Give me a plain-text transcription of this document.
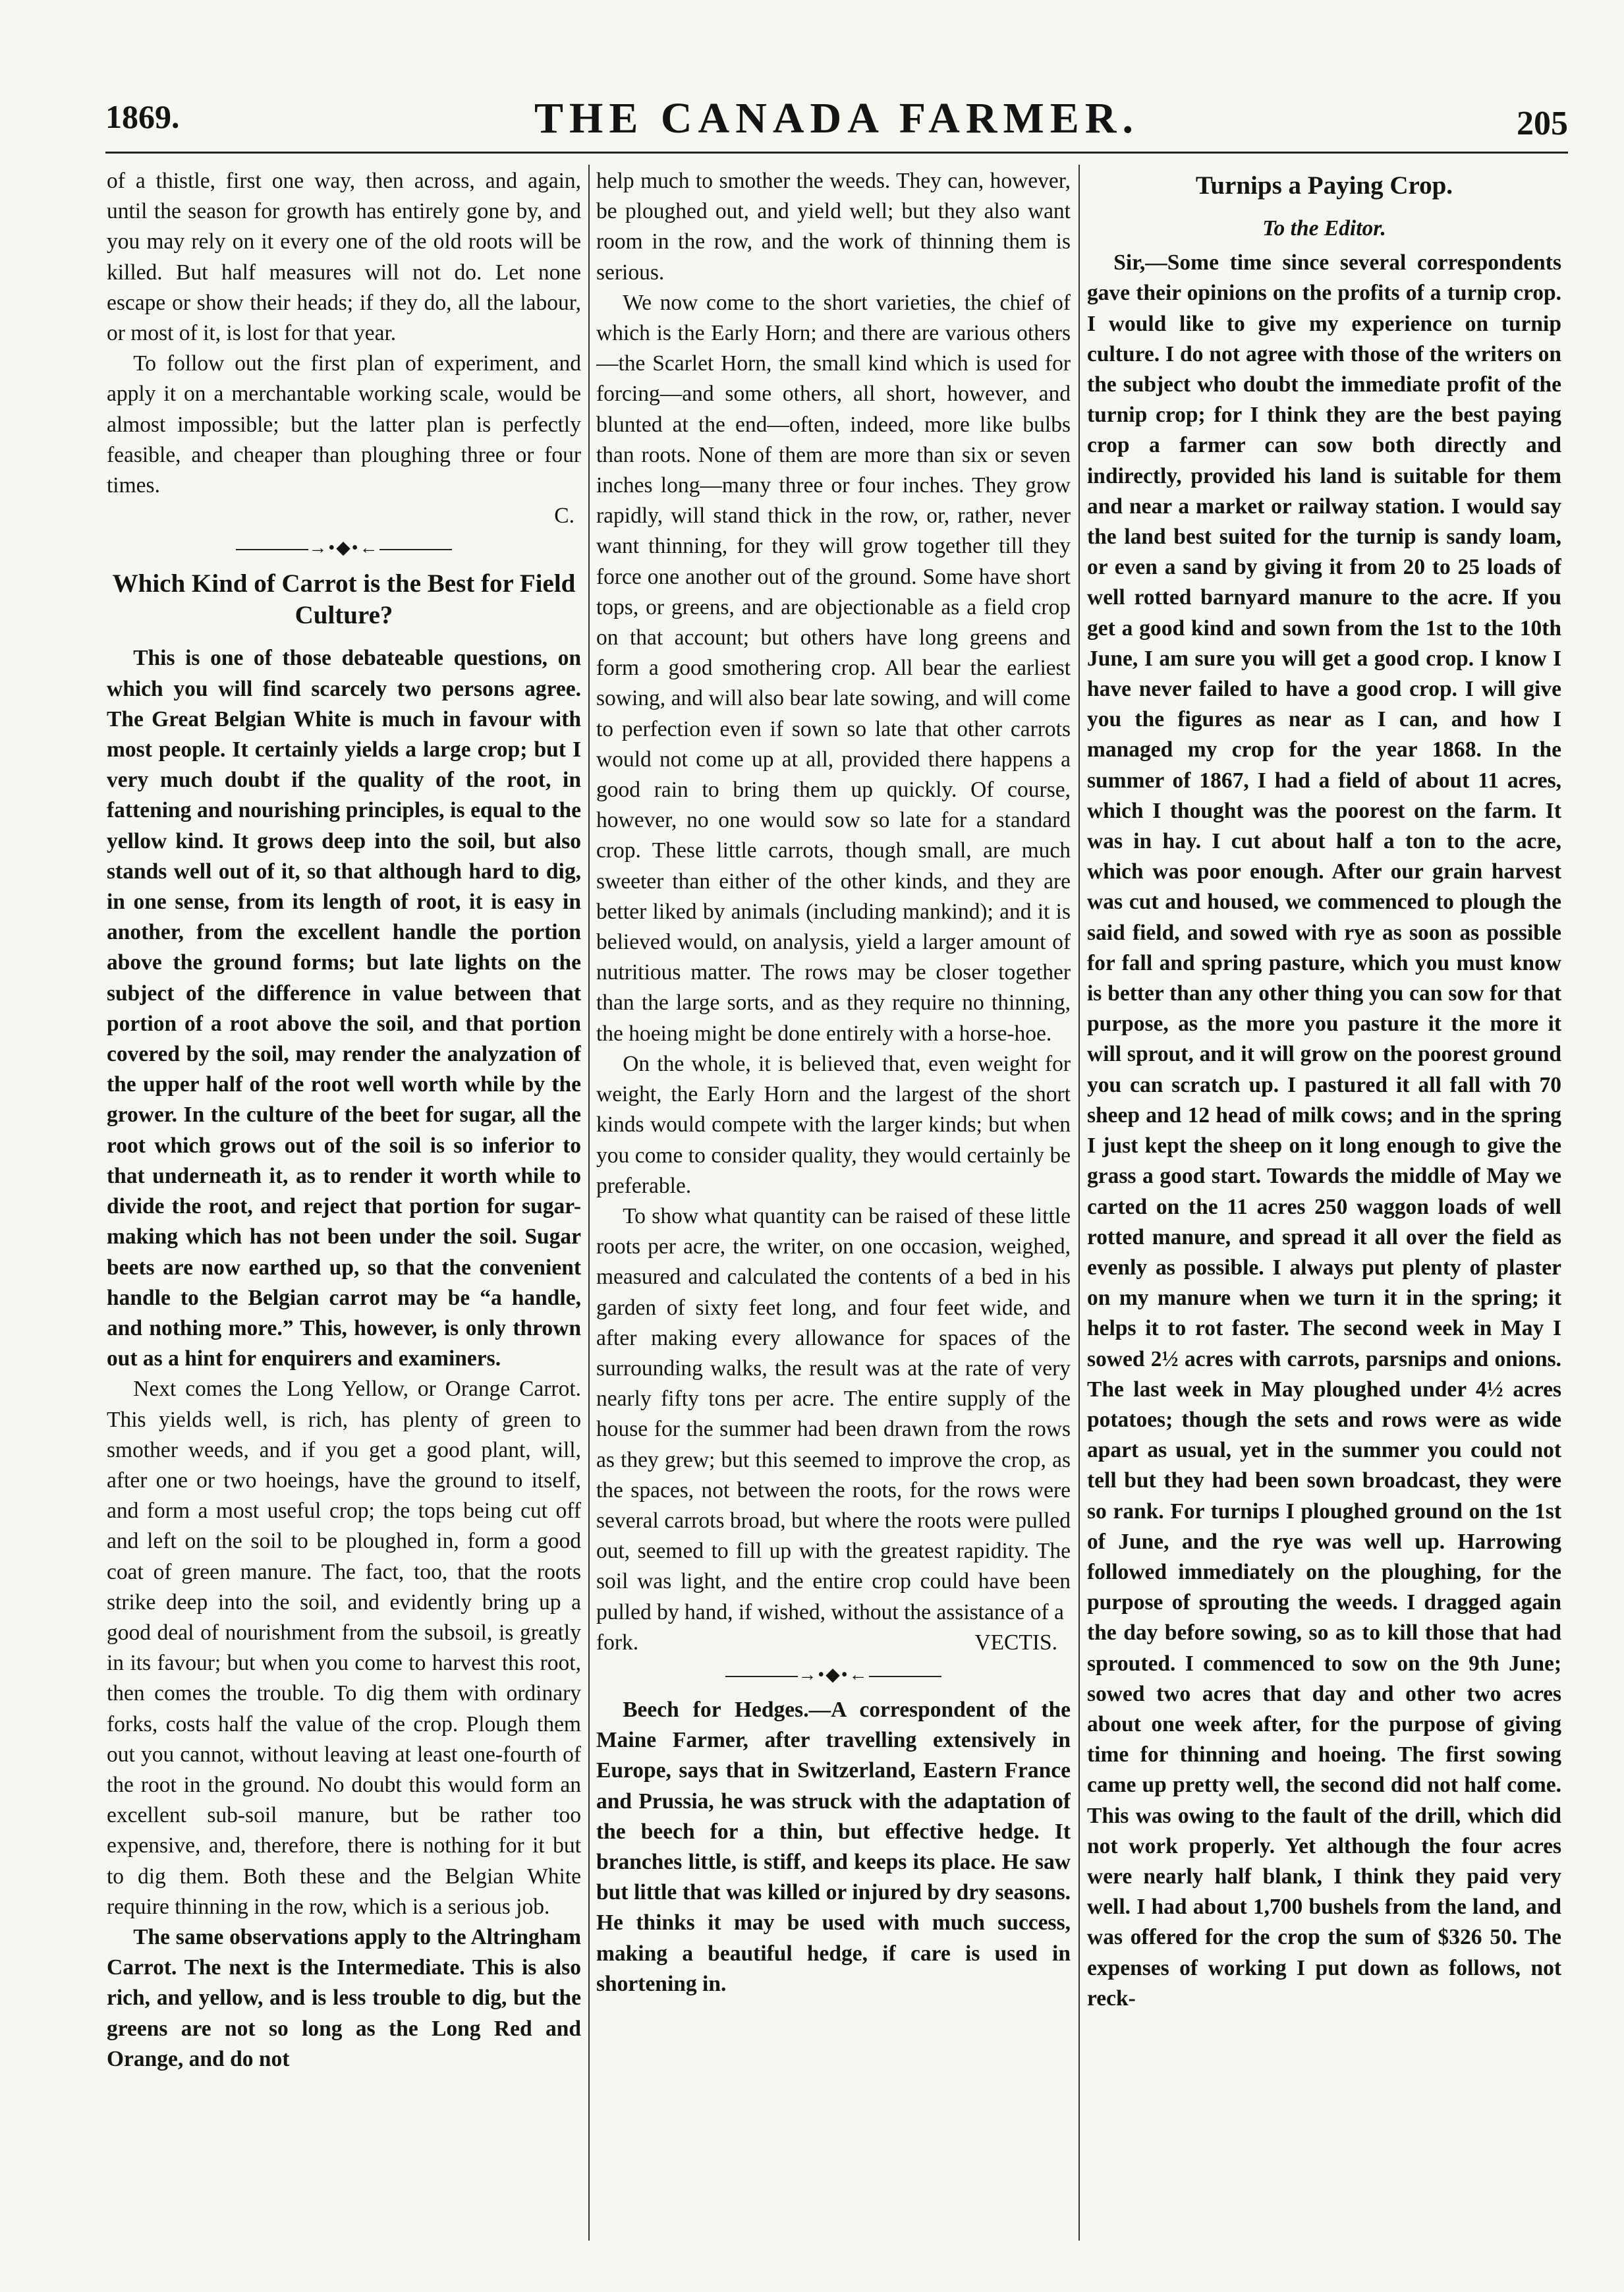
1869.	THE CANADA FARMER.	205

of a thistle, first one way, then across, and again, until the season for growth has entirely gone by, and you may rely on it every one of the old roots will be killed. But half measures will not do. Let none escape or show their heads; if they do, all the labour, or most of it, is lost for that year.

To follow out the first plan of experiment, and apply it on a merchantable working scale, would be almost impossible; but the latter plan is perfectly feasible, and cheaper than ploughing three or four times.

C.
→•◆•←
Which Kind of Carrot is the Best for Field Culture?

This is one of those debateable questions, on which you will find scarcely two persons agree. The Great Belgian White is much in favour with most people. It certainly yields a large crop; but I very much doubt if the quality of the root, in fattening and nourishing principles, is equal to the yellow kind. It grows deep into the soil, but also stands well out of it, so that although hard to dig, in one sense, from its length of root, it is easy in another, from the excellent handle the portion above the ground forms; but late lights on the subject of the difference in value between that portion of a root above the soil, and that portion covered by the soil, may render the analyzation of the upper half of the root well worth while by the grower. In the culture of the beet for sugar, all the root which grows out of the soil is so inferior to that underneath it, as to render it worth while to divide the root, and reject that portion for sugar-making which has not been under the soil. Sugar beets are now earthed up, so that the convenient handle to the Belgian carrot may be “a handle, and nothing more.” This, however, is only thrown out as a hint for enquirers and examiners.

Next comes the Long Yellow, or Orange Carrot. This yields well, is rich, has plenty of green to smother weeds, and if you get a good plant, will, after one or two hoeings, have the ground to itself, and form a most useful crop; the tops being cut off and left on the soil to be ploughed in, form a good coat of green manure. The fact, too, that the roots strike deep into the soil, and evidently bring up a good deal of nourishment from the subsoil, is greatly in its favour; but when you come to harvest this root, then comes the trouble. To dig them with ordinary forks, costs half the value of the crop. Plough them out you cannot, without leaving at least one-fourth of the root in the ground. No doubt this would form an excellent sub-soil manure, but be rather too expensive, and, therefore, there is nothing for it but to dig them. Both these and the Belgian White require thinning in the row, which is a serious job.

The same observations apply to the Altringham Carrot. The next is the Intermediate. This is also rich, and yellow, and is less trouble to dig, but the greens are not so long as the Long Red and Orange, and do not

help much to smother the weeds. They can, however, be ploughed out, and yield well; but they also want room in the row, and the work of thinning them is serious.

We now come to the short varieties, the chief of which is the Early Horn; and there are various others—the Scarlet Horn, the small kind which is used for forcing—and some others, all short, however, and blunted at the end—often, indeed, more like bulbs than roots. None of them are more than six or seven inches long—many three or four inches. They grow rapidly, will stand thick in the row, or, rather, never want thinning, for they will grow together till they force one another out of the ground. Some have short tops, or greens, and are objectionable as a field crop on that account; but others have long greens and form a good smothering crop. All bear the earliest sowing, and will also bear late sowing, and will come to perfection even if sown so late that other carrots would not come up at all, provided there happens a good rain to bring them up quickly. Of course, however, no one would sow so late for a standard crop. These little carrots, though small, are much sweeter than either of the other kinds, and they are better liked by animals (including mankind); and it is believed would, on analysis, yield a larger amount of nutritious matter. The rows may be closer together than the large sorts, and as they require no thinning, the hoeing might be done entirely with a horse-hoe.

On the whole, it is believed that, even weight for weight, the Early Horn and the largest of the short kinds would compete with the larger kinds; but when you come to consider quality, they would certainly be preferable.

To show what quantity can be raised of these little roots per acre, the writer, on one occasion, weighed, measured and calculated the contents of a bed in his garden of sixty feet long, and four feet wide, and after making every allowance for spaces of the surrounding walks, the result was at the rate of very nearly fifty tons per acre. The entire supply of the house for the summer had been drawn from the rows as they grew; but this seemed to improve the crop, as the spaces, not between the roots, for the rows were several carrots broad, but where the roots were pulled out, seemed to fill up with the greatest rapidity. The soil was light, and the entire crop could have been pulled by hand, if wished, without the assistance of a

fork.	VECTIS.
→•◆•←

Beech for Hedges.—A correspondent of the Maine Farmer, after travelling extensively in Europe, says that in Switzerland, Eastern France and Prussia, he was struck with the adaptation of the beech for a thin, but effective hedge. It branches little, is stiff, and keeps its place. He saw but little that was killed or injured by dry seasons. He thinks it may be used with much success, making a beautiful hedge, if care is used in shortening in.

Turnips a Paying Crop.
To the Editor.

Sir,—Some time since several correspondents gave their opinions on the profits of a turnip crop. I would like to give my experience on turnip culture. I do not agree with those of the writers on the subject who doubt the immediate profit of the turnip crop; for I think they are the best paying crop a farmer can sow both directly and indirectly, provided his land is suitable for them and near a market or railway station. I would say the land best suited for the turnip is sandy loam, or even a sand by giving it from 20 to 25 loads of well rotted barnyard manure to the acre. If you get a good kind and sown from the 1st to the 10th June, I am sure you will get a good crop. I know I have never failed to have a good crop. I will give you the figures as near as I can, and how I managed my crop for the year 1868. In the summer of 1867, I had a field of about 11 acres, which I thought was the poorest on the farm. It was in hay. I cut about half a ton to the acre, which was poor enough. After our grain harvest was cut and housed, we commenced to plough the said field, and sowed with rye as soon as possible for fall and spring pasture, which you must know is better than any other thing you can sow for that purpose, as the more you pasture it the more it will sprout, and it will grow on the poorest ground you can scratch up. I pastured it all fall with 70 sheep and 12 head of milk cows; and in the spring I just kept the sheep on it long enough to give the grass a good start. Towards the middle of May we carted on the 11 acres 250 waggon loads of well rotted manure, and spread it all over the field as evenly as possible. I always put plenty of plaster on my manure when we turn it in the spring; it helps it to rot faster. The second week in May I sowed 2½ acres with carrots, parsnips and onions. The last week in May ploughed under 4½ acres potatoes; though the sets and rows were as wide apart as usual, yet in the summer you could not tell but they had been sown broadcast, they were so rank. For turnips I ploughed ground on the 1st of June, and the rye was well up. Harrowing followed immediately on the ploughing, for the purpose of sprouting the weeds. I dragged again the day before sowing, so as to kill those that had sprouted. I commenced to sow on the 9th June; sowed two acres that day and other two acres about one week after, for the purpose of giving time for thinning and hoeing. The first sowing came up pretty well, the second did not half come. This was owing to the fault of the drill, which did not work properly. Yet although the four acres were nearly half blank, I think they paid very well. I had about 1,700 bushels from the land, and was offered for the crop the sum of $326 50. The expenses of working I put down as follows, not reck-
